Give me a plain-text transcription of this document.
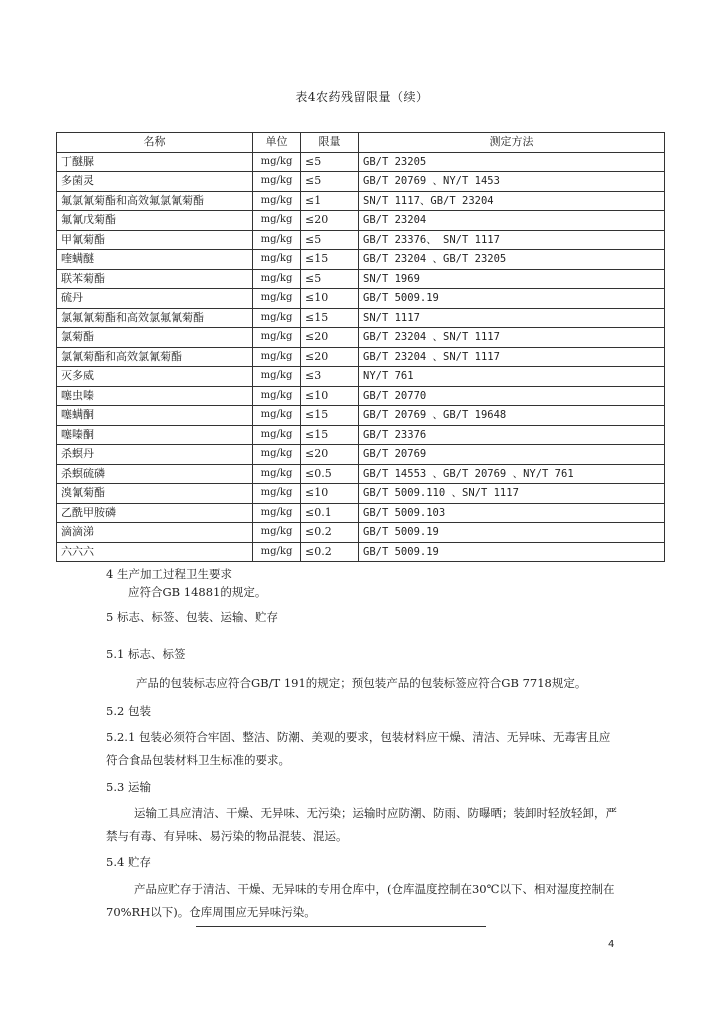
表4农药残留限量（续）
名称	单位	限量	测定方法
丁醚脲	mg/kg	≤5	GB/T 23205
多菌灵	mg/kg	≤5	GB/T 20769 、NY/T 1453
氟氯氰菊酯和高效氟氯氰菊酯	mg/kg	≤1	SN/T 1117、GB/T 23204
氟氰戊菊酯	mg/kg	≤20	GB/T 23204
甲氰菊酯	mg/kg	≤5	GB/T 23376、 SN/T 1117
喹螨醚	mg/kg	≤15	GB/T 23204 、GB/T 23205
联苯菊酯	mg/kg	≤5	SN/T 1969
硫丹	mg/kg	≤10	GB/T 5009.19
氯氟氰菊酯和高效氯氟氰菊酯	mg/kg	≤15	SN/T 1117
氯菊酯	mg/kg	≤20	GB/T 23204 、SN/T 1117
氯氰菊酯和高效氯氰菊酯	mg/kg	≤20	GB/T 23204 、SN/T 1117
灭多威	mg/kg	≤3	NY/T 761
噻虫嗪	mg/kg	≤10	GB/T 20770
噻螨酮	mg/kg	≤15	GB/T 20769 、GB/T 19648
噻嗪酮	mg/kg	≤15	GB/T 23376
杀螟丹	mg/kg	≤20	GB/T 20769
杀螟硫磷	mg/kg	≤0.5	GB/T 14553 、GB/T 20769 、NY/T 761
溴氰菊酯	mg/kg	≤10	GB/T 5009.110 、SN/T 1117
乙酰甲胺磷	mg/kg	≤0.1	GB/T 5009.103
滴滴涕	mg/kg	≤0.2	GB/T 5009.19
六六六	mg/kg	≤0.2	GB/T 5009.19
4 生产加工过程卫生要求
应符合GB 14881的规定。
5 标志、标签、包装、运输、贮存
5.1 标志、标签
产品的包装标志应符合GB/T 191的规定；预包装产品的包装标签应符合GB 7718规定。
5.2 包装
5.2.1 包装必须符合牢固、整洁、防潮、美观的要求，包装材料应干燥、清洁、无异味、无毒害且应符合食品包装材料卫生标准的要求。
5.3 运输
运输工具应清洁、干燥、无异味、无污染；运输时应防潮、防雨、防曝晒；装卸时轻放轻卸，严禁与有毒、有异味、易污染的物品混装、混运。
5.4 贮存
产品应贮存于清洁、干燥、无异味的专用仓库中，(仓库温度控制在30℃以下、相对湿度控制在70%RH以下)。仓库周围应无异味污染。
4
